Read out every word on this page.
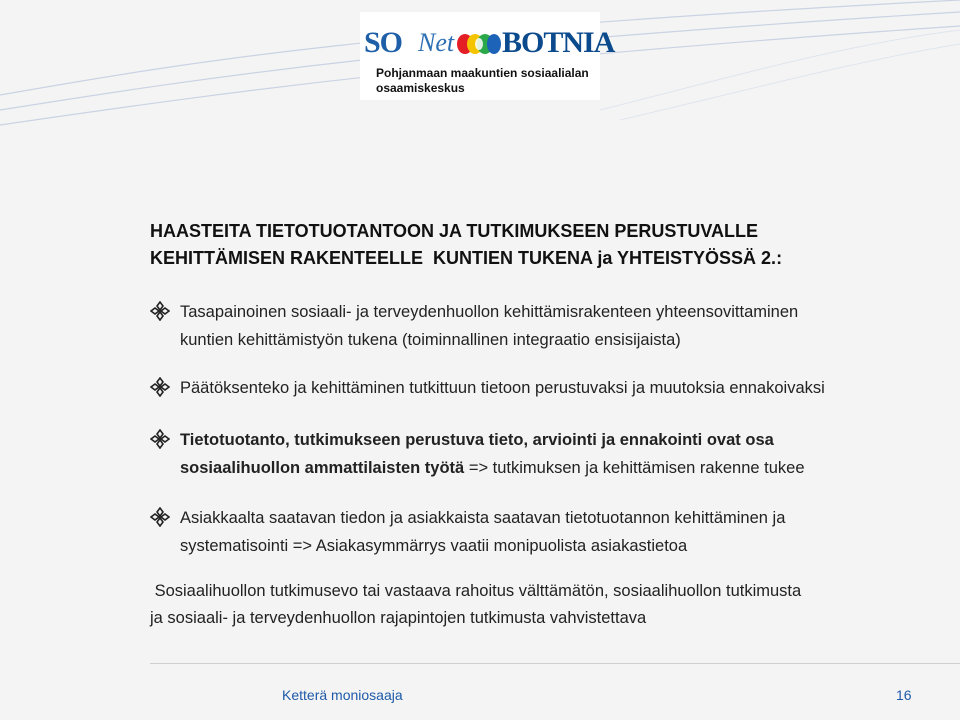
SO Net BOTNIA
Pohjanmaan maakuntien sosiaalialan
osaamiskeskus
HAASTEITA TIETOTUOTANTOON JA TUTKIMUKSEEN PERUSTUVALLE
KEHITTÄMISEN RAKENTEELLE  KUNTIEN TUKENA ja YHTEISTYÖSSÄ 2.:
Tasapainoinen sosiaali- ja terveydenhuollon kehittämisrakenteen yhteensovittaminen
kuntien kehittämistyön tukena (toiminnallinen integraatio ensisijaista)
Päätöksenteko ja kehittäminen tutkittuun tietoon perustuvaksi ja muutoksia ennakoivaksi
Tietotuotanto, tutkimukseen perustuva tieto, arviointi ja ennakointi ovat osa
sosiaalihuollon ammattilaisten työtä => tutkimuksen ja kehittämisen rakenne tukee
Asiakkaalta saatavan tiedon ja asiakkaista saatavan tietotuotannon kehittäminen ja
systematisointi => Asiakasymmärrys vaatii monipuolista asiakastietoa
Sosiaalihuollon tutkimusevo tai vastaava rahoitus välttämätön, sosiaalihuollon tutkimusta
ja sosiaali- ja terveydenhuollon rajapintojen tutkimusta vahvistettava
Ketterä moniosaaja	16
